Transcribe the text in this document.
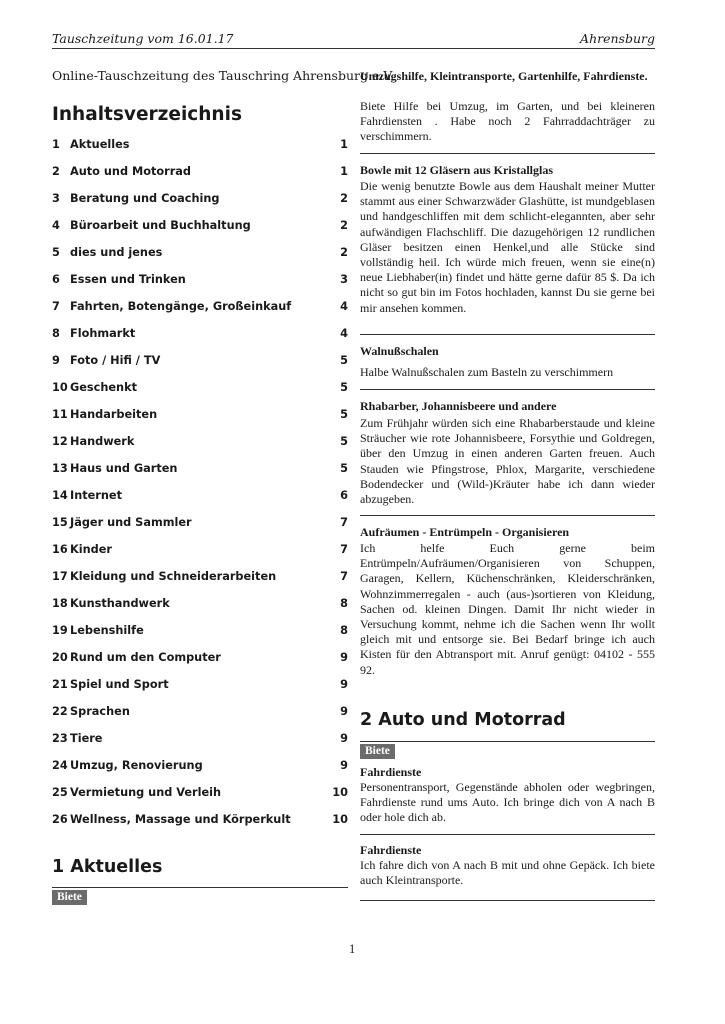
Tauschzeitung vom 16.01.17	Ahrensburg
Online-Tauschzeitung des Tauschring Ahrensburg e.V.
Inhaltsverzeichnis
1 Aktuelles	1
2 Auto und Motorrad	1
3 Beratung und Coaching	2
4 Büroarbeit und Buchhaltung	2
5 dies und jenes	2
6 Essen und Trinken	3
7 Fahrten, Botengänge, Großeinkauf	4
8 Flohmarkt	4
9 Foto / Hifi / TV	5
10 Geschenkt	5
11 Handarbeiten	5
12 Handwerk	5
13 Haus und Garten	5
14 Internet	6
15 Jäger und Sammler	7
16 Kinder	7
17 Kleidung und Schneiderarbeiten	7
18 Kunsthandwerk	8
19 Lebenshilfe	8
20 Rund um den Computer	9
21 Spiel und Sport	9
22 Sprachen	9
23 Tiere	9
24 Umzug, Renovierung	9
25 Vermietung und Verleih	10
26 Wellness, Massage und Körperkult	10
1 Aktuelles
Biete
Umzugshilfe, Kleintransporte, Gartenhilfe, Fahrdienste.
Biete Hilfe bei Umzug, im Garten, und bei kleineren Fahrdiensten . Habe noch 2 Fahrraddachträger zu verschimmern.
Bowle mit 12 Gläsern aus Kristallglas
Die wenig benutzte Bowle aus dem Haushalt meiner Mutter stammt aus einer Schwarzwäder Glashütte, ist mundgeblasen und handgeschliffen mit dem schlicht-elegannten, aber sehr aufwändigen Flachschliff. Die dazugehörigen 12 rundlichen Gläser besitzen einen Henkel,und alle Stücke sind vollständig heil. Ich würde mich freuen, wenn sie eine(n) neue Liebhaber(in) findet und hätte gerne dafür 85 $. Da ich nicht so gut bin im Fotos hochladen, kannst Du sie gerne bei mir ansehen kommen.
Walnußschalen
Halbe Walnußschalen zum Basteln zu verschimmern
Rhabarber, Johannisbeere und andere
Zum Frühjahr würden sich eine Rhabarberstaude und kleine Sträucher wie rote Johannisbeere, Forsythie und Goldregen, über den Umzug in einen anderen Garten freuen. Auch Stauden wie Pfingstrose, Phlox, Margarite, verschiedene Bodendecker und (Wild-)Kräuter habe ich dann wieder abzugeben.
Aufräumen - Entrümpeln - Organisieren
Ich helfe Euch gerne beim Entrümpeln/Aufräumen/Organisieren von Schuppen, Garagen, Kellern, Küchenschränken, Kleiderschränken, Wohnzimmerregalen - auch (aus-)sortieren von Kleidung, Sachen od. kleinen Dingen. Damit Ihr nicht wieder in Versuchung kommt, nehme ich die Sachen wenn Ihr wollt gleich mit und entsorge sie. Bei Bedarf bringe ich auch Kisten für den Abtransport mit. Anruf genügt: 04102 - 555 92.
2 Auto und Motorrad
Biete
Fahrdienste
Personentransport, Gegenstände abholen oder wegbringen, Fahrdienste rund ums Auto. Ich bringe dich von A nach B oder hole dich ab.
Fahrdienste
Ich fahre dich von A nach B mit und ohne Gepäck. Ich biete auch Kleintransporte.
1
